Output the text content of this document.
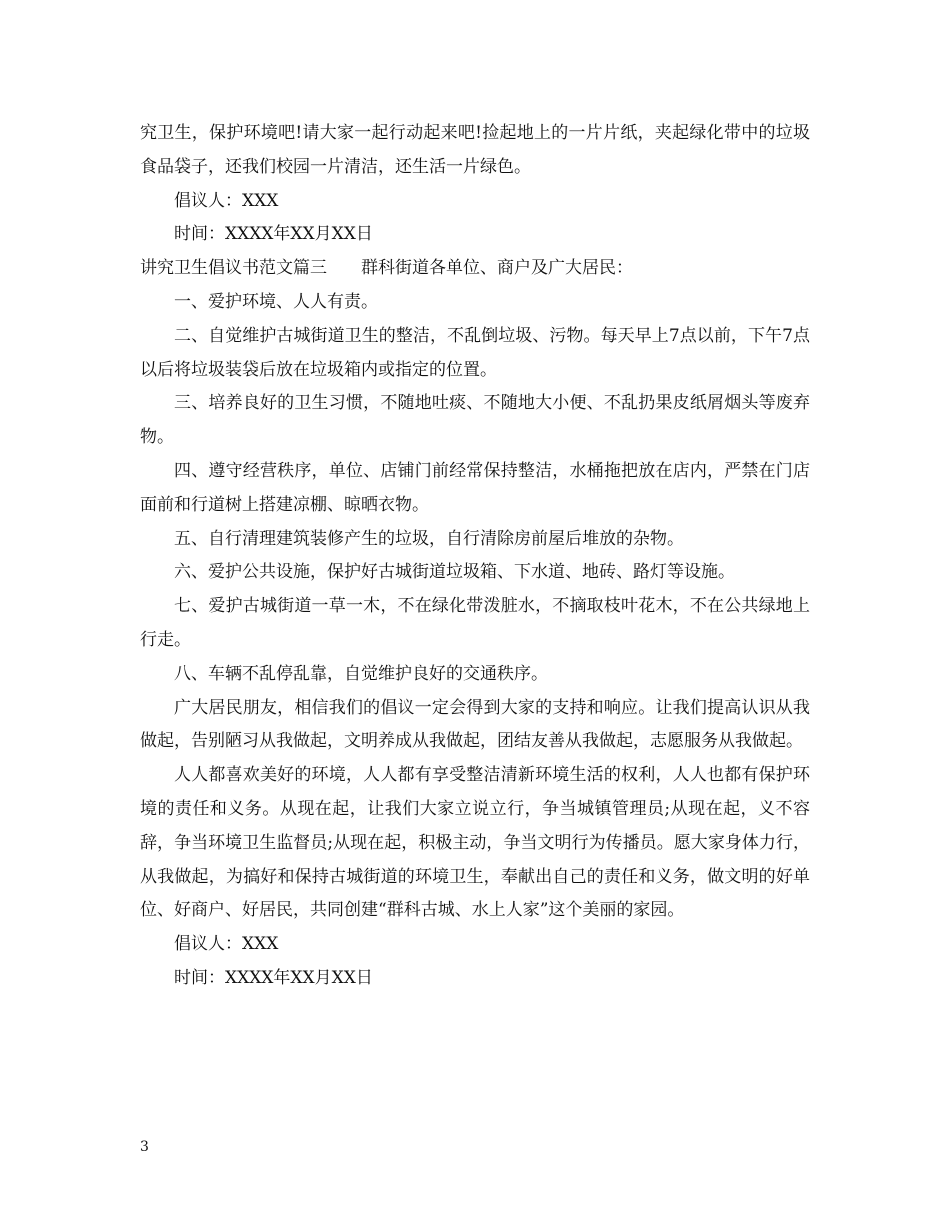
究卫生，保护环境吧!请大家一起行动起来吧!捡起地上的一片片纸，夹起绿化带中的垃圾食品袋子，还我们校园一片清洁，还生活一片绿色。

倡议人：XXX

时间：XXXX年XX月XX日

讲究卫生倡议书范文篇三　　群科街道各单位、商户及广大居民：

一、爱护环境、人人有责。

二、自觉维护古城街道卫生的整洁，不乱倒垃圾、污物。每天早上7点以前，下午7点以后将垃圾装袋后放在垃圾箱内或指定的位置。

三、培养良好的卫生习惯，不随地吐痰、不随地大小便、不乱扔果皮纸屑烟头等废弃物。

四、遵守经营秩序，单位、店铺门前经常保持整洁，水桶拖把放在店内，严禁在门店面前和行道树上搭建凉棚、晾晒衣物。

五、自行清理建筑装修产生的垃圾，自行清除房前屋后堆放的杂物。

六、爱护公共设施，保护好古城街道垃圾箱、下水道、地砖、路灯等设施。

七、爱护古城街道一草一木，不在绿化带泼脏水，不摘取枝叶花木，不在公共绿地上行走。

八、车辆不乱停乱靠，自觉维护良好的交通秩序。

广大居民朋友，相信我们的倡议一定会得到大家的支持和响应。让我们提高认识从我做起，告别陋习从我做起，文明养成从我做起，团结友善从我做起，志愿服务从我做起。

人人都喜欢美好的环境，人人都有享受整洁清新环境生活的权利，人人也都有保护环境的责任和义务。从现在起，让我们大家立说立行，争当城镇管理员;从现在起，义不容辞，争当环境卫生监督员;从现在起，积极主动，争当文明行为传播员。愿大家身体力行，从我做起，为搞好和保持古城街道的环境卫生，奉献出自己的责任和义务，做文明的好单位、好商户、好居民，共同创建“群科古城、水上人家”这个美丽的家园。

倡议人：XXX

时间：XXXX年XX月XX日

3
